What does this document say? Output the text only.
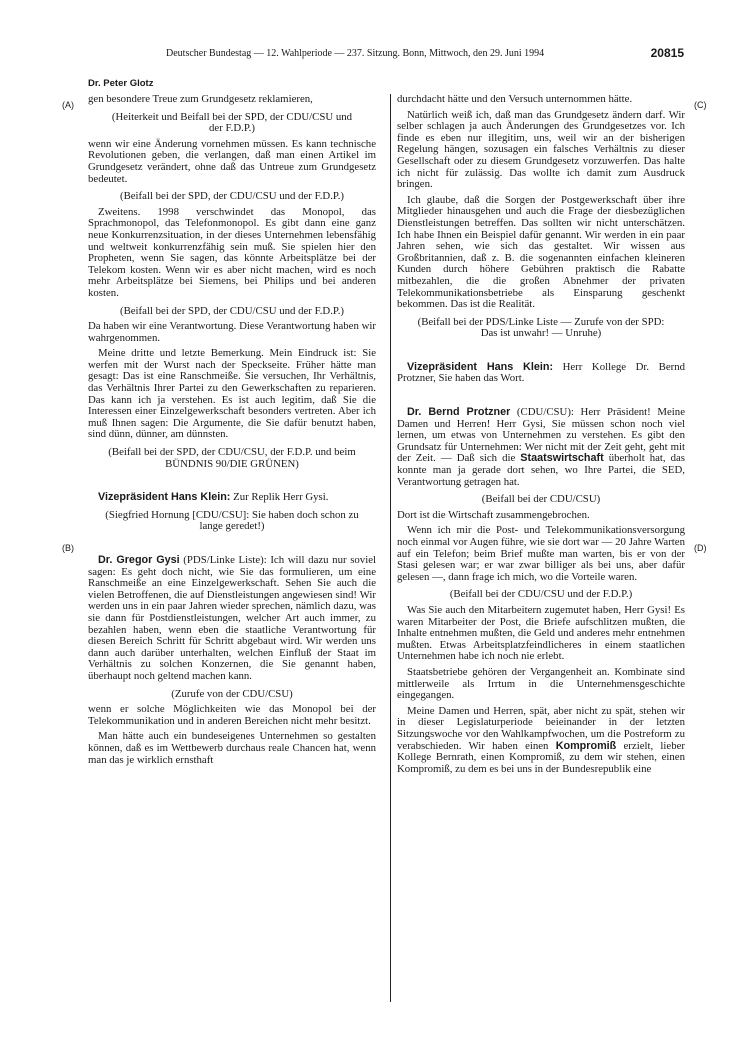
Deutscher Bundestag — 12. Wahlperiode — 237. Sitzung. Bonn, Mittwoch, den 29. Juni 1994	20815
Dr. Peter Glotz
(A)
(B)
(C)
(D)

gen besondere Treue zum Grundgesetz reklamieren,

(Heiterkeit und Beifall bei der SPD, der CDU/CSU und der F.D.P.)

wenn wir eine Änderung vornehmen müssen. Es kann technische Revolutionen geben, die verlangen, daß man einen Artikel im Grundgesetz verändert, ohne daß das Untreue zum Grundgesetz bedeutet.

(Beifall bei der SPD, der CDU/CSU und der F.D.P.)

Zweitens. 1998 verschwindet das Monopol, das Sprachmonopol, das Telefonmonopol. Es gibt dann eine ganz neue Konkurrenzsituation, in der dieses Unternehmen lebensfähig und weltweit konkurrenzfähig sein muß. Sie spielen hier den Propheten, wenn Sie sagen, das könnte Arbeitsplätze bei der Telekom kosten. Wenn wir es aber nicht machen, wird es noch mehr Arbeitsplätze bei Siemens, bei Philips und bei anderen kosten.

(Beifall bei der SPD, der CDU/CSU und der F.D.P.)

Da haben wir eine Verantwortung. Diese Verantwortung haben wir wahrgenommen.

Meine dritte und letzte Bemerkung. Mein Eindruck ist: Sie werfen mit der Wurst nach der Speckseite. Früher hätte man gesagt: Das ist eine Ranschmeiße. Sie versuchen, Ihr Verhältnis, das Verhältnis Ihrer Partei zu den Gewerkschaften zu reparieren. Das kann ich ja verstehen. Es ist auch legitim, daß Sie die Interessen einer Einzelgewerkschaft besonders vertreten. Aber ich muß Ihnen sagen: Die Argumente, die Sie dafür benutzt haben, sind dünn, dünner, am dünnsten.

(Beifall bei der SPD, der CDU/CSU, der F.D.P. und beim BÜNDNIS 90/DIE GRÜNEN)

Vizepräsident Hans Klein: Zur Replik Herr Gysi.

(Siegfried Hornung [CDU/CSU]: Sie haben doch schon zu lange geredet!)

Dr. Gregor Gysi (PDS/Linke Liste): Ich will dazu nur soviel sagen: Es geht doch nicht, wie Sie das formulieren, um eine Ranschmeiße an eine Einzelgewerkschaft. Sehen Sie auch die vielen Betroffenen, die auf Dienstleistungen angewiesen sind! Wir werden uns in ein paar Jahren wieder sprechen, nämlich dazu, was sie dann für Postdienstleistungen, welcher Art auch immer, zu bezahlen haben, wenn eben die staatliche Verantwortung für diesen Bereich Schritt für Schritt abgebaut wird. Wir werden uns dann auch darüber unterhalten, welchen Einfluß der Staat im Verhältnis zu solchen Konzernen, die Sie genannt haben, überhaupt noch geltend machen kann.

(Zurufe von der CDU/CSU)

wenn er solche Möglichkeiten wie das Monopol bei der Telekommunikation und in anderen Bereichen nicht mehr besitzt.

Man hätte auch ein bundeseigenes Unternehmen so gestalten können, daß es im Wettbewerb durchaus reale Chancen hat, wenn man das je wirklich ernsthaft

durchdacht hätte und den Versuch unternommen hätte.

Natürlich weiß ich, daß man das Grundgesetz ändern darf. Wir selber schlagen ja auch Änderungen des Grundgesetzes vor. Ich finde es eben nur illegitim, uns, weil wir an der bisherigen Regelung hängen, sozusagen ein falsches Verhältnis zu dieser Gesellschaft oder zu diesem Grundgesetz vorzuwerfen. Das halte ich nicht für zulässig. Das wollte ich damit zum Ausdruck bringen.

Ich glaube, daß die Sorgen der Postgewerkschaft über ihre Mitglieder hinausgehen und auch die Frage der diesbezüglichen Dienstleistungen betreffen. Das sollten wir nicht unterschätzen. Ich habe Ihnen ein Beispiel dafür genannt. Wir werden in ein paar Jahren sehen, wie sich das gestaltet. Wir wissen aus Großbritannien, daß z. B. die sogenannten einfachen kleineren Kunden durch höhere Gebühren praktisch die Rabatte mitbezahlen, die die großen Abnehmer der privaten Telekommunikationsbetriebe als Einsparung geschenkt bekommen. Das ist die Realität.

(Beifall bei der PDS/Linke Liste — Zurufe von der SPD: Das ist unwahr! — Unruhe)

Vizepräsident Hans Klein: Herr Kollege Dr. Bernd Protzner, Sie haben das Wort.

Dr. Bernd Protzner (CDU/CSU): Herr Präsident! Meine Damen und Herren! Herr Gysi, Sie müssen schon noch viel lernen, um etwas von Unternehmen zu verstehen. Es gibt den Grundsatz für Unternehmen: Wer nicht mit der Zeit geht, geht mit der Zeit. — Daß sich die Staatswirtschaft überholt hat, das konnte man ja gerade dort sehen, wo Ihre Partei, die SED, Verantwortung getragen hat.

(Beifall bei der CDU/CSU)

Dort ist die Wirtschaft zusammengebrochen.

Wenn ich mir die Post- und Telekommunikationsversorgung noch einmal vor Augen führe, wie sie dort war — 20 Jahre Warten auf ein Telefon; beim Brief mußte man warten, bis er von der Stasi gelesen war; er war zwar billiger als bei uns, aber dafür gelesen —, dann frage ich mich, wo die Vorteile waren.

(Beifall bei der CDU/CSU und der F.D.P.)

Was Sie auch den Mitarbeitern zugemutet haben, Herr Gysi! Es waren Mitarbeiter der Post, die Briefe aufschlitzen mußten, die Inhalte entnehmen mußten, die Geld und anderes mehr entnehmen mußten. Etwas Arbeitsplatzfeindlicheres in einem staatlichen Unternehmen habe ich noch nie erlebt.

Staatsbetriebe gehören der Vergangenheit an. Kombinate sind mittlerweile als Irrtum in die Unternehmensgeschichte eingegangen.

Meine Damen und Herren, spät, aber nicht zu spät, stehen wir in dieser Legislaturperiode beieinander in der letzten Sitzungswoche vor den Wahlkampfwochen, um die Postreform zu verabschieden. Wir haben einen Kompromiß erzielt, lieber Kollege Bernrath, einen Kompromiß, zu dem wir stehen, einen Kompromiß, zu dem es bei uns in der Bundesrepublik eine
